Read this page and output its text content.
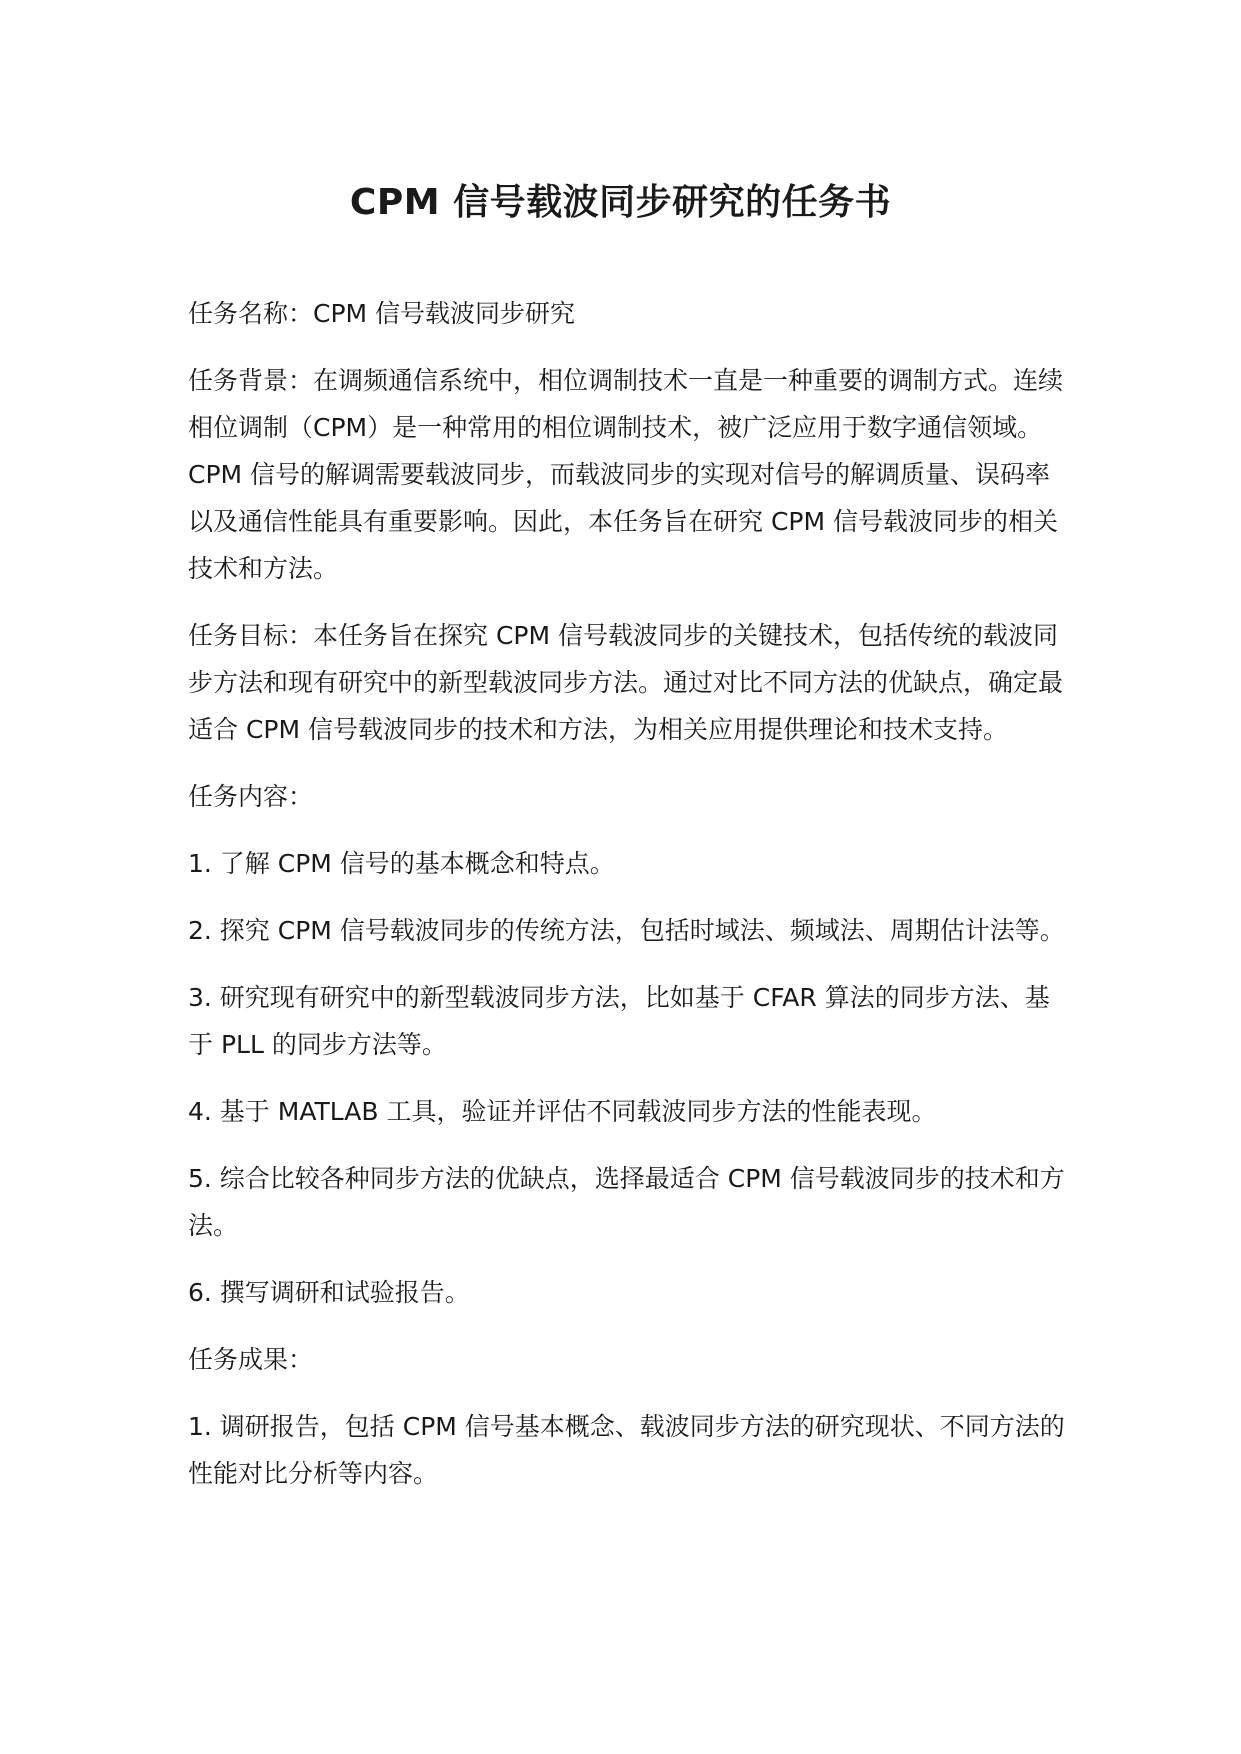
CPM 信号载波同步研究的任务书

任务名称：CPM 信号载波同步研究

任务背景：在调频通信系统中，相位调制技术一直是一种重要的调制方式。连续相位调制（CPM）是一种常用的相位调制技术，被广泛应用于数字通信领域。CPM 信号的解调需要载波同步，而载波同步的实现对信号的解调质量、误码率以及通信性能具有重要影响。因此，本任务旨在研究 CPM 信号载波同步的相关技术和方法。

任务目标：本任务旨在探究 CPM 信号载波同步的关键技术，包括传统的载波同步方法和现有研究中的新型载波同步方法。通过对比不同方法的优缺点，确定最适合 CPM 信号载波同步的技术和方法，为相关应用提供理论和技术支持。

任务内容：

1. 了解 CPM 信号的基本概念和特点。

2. 探究 CPM 信号载波同步的传统方法，包括时域法、频域法、周期估计法等。

3. 研究现有研究中的新型载波同步方法，比如基于 CFAR 算法的同步方法、基于 PLL 的同步方法等。

4. 基于 MATLAB 工具，验证并评估不同载波同步方法的性能表现。

5. 综合比较各种同步方法的优缺点，选择最适合 CPM 信号载波同步的技术和方法。

6. 撰写调研和试验报告。

任务成果：

1. 调研报告，包括 CPM 信号基本概念、载波同步方法的研究现状、不同方法的性能对比分析等内容。
